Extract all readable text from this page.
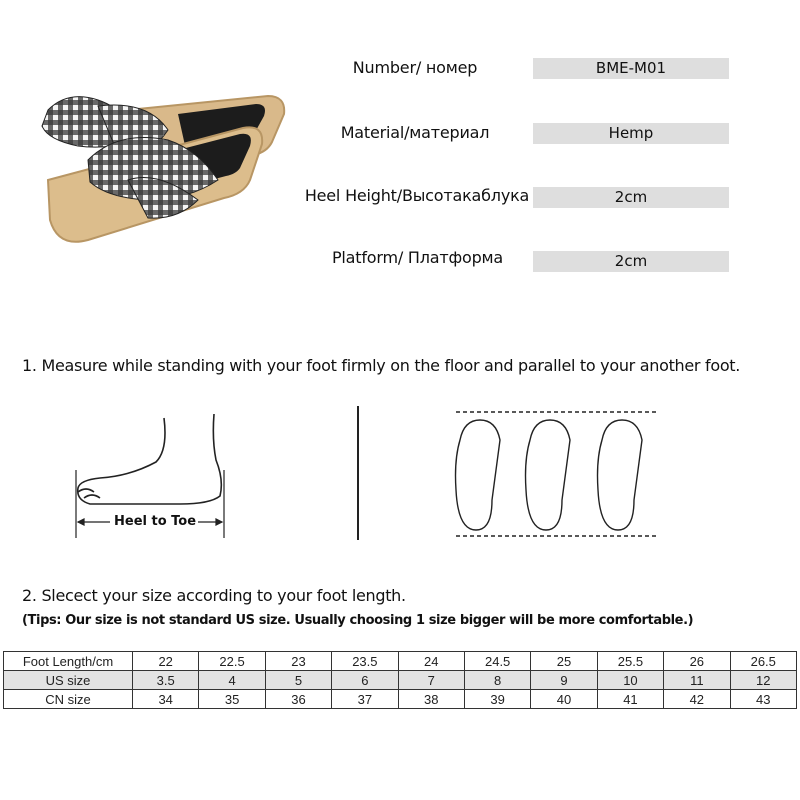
Number/ номер	BME-M01
Material/материал	Hemp
Heel Height/Высотакаблука	2cm
Platform/ Платформа	2cm
1. Measure while standing with your foot firmly on the floor and parallel to your another foot.
Heel to Toe
2. Slecect your size according to your foot length.
(Tips: Our size is not standard US size. Usually choosing 1 size bigger will be more comfortable.)
Foot Length/cm	22	22.5	23	23.5	24	24.5	25	25.5	26	26.5
US size	3.5	4	5	6	7	8	9	10	11	12
CN size	34	35	36	37	38	39	40	41	42	43
